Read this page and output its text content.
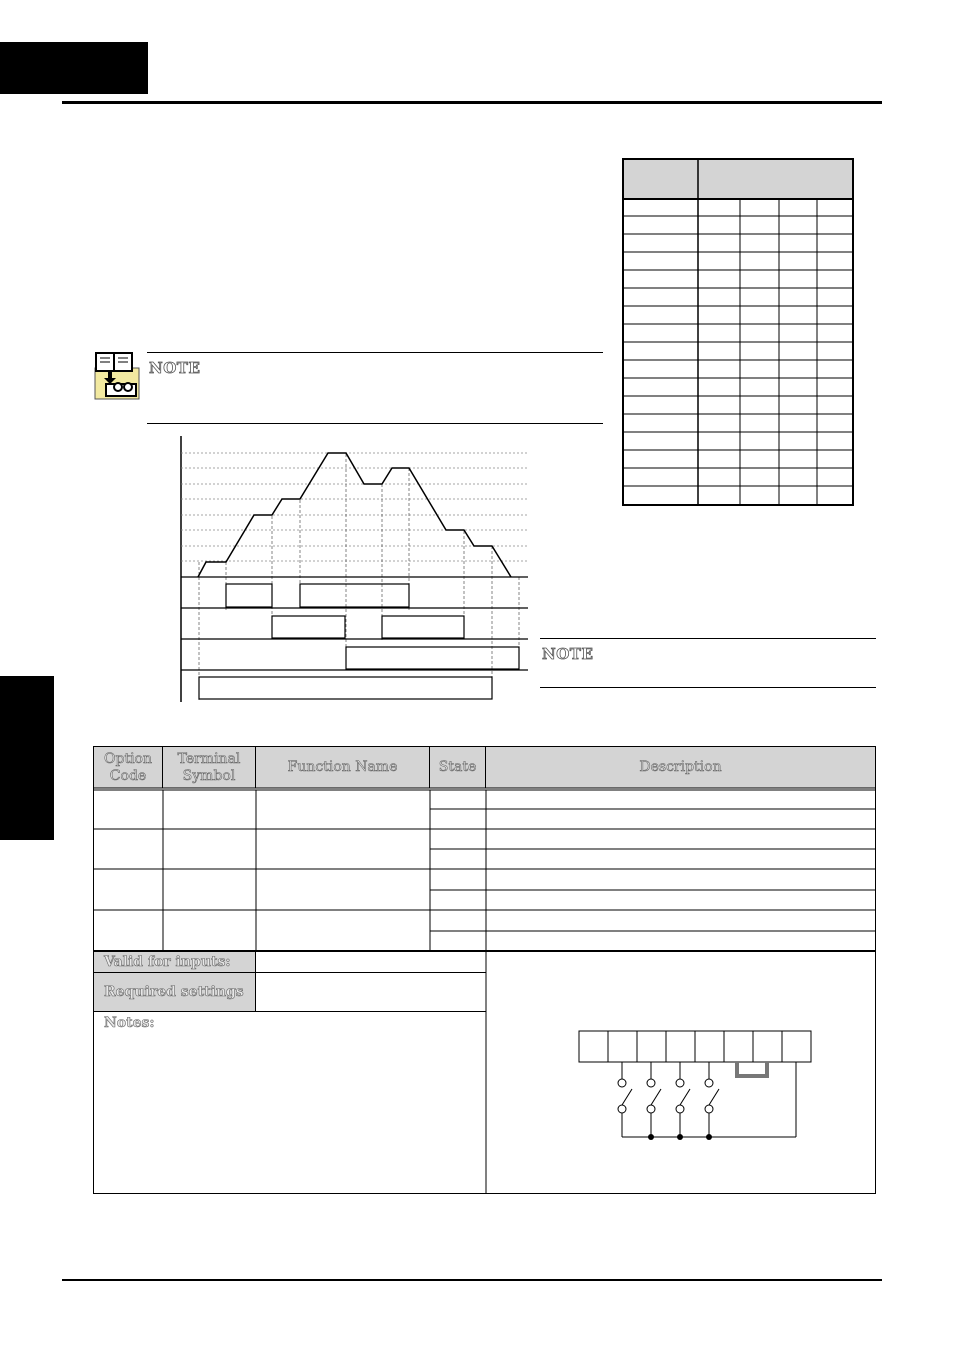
NOTE
NOTE
Option Code
Terminal Symbol
Function Name	State	Description
Valid for inputs:
Required settings
Notes:
